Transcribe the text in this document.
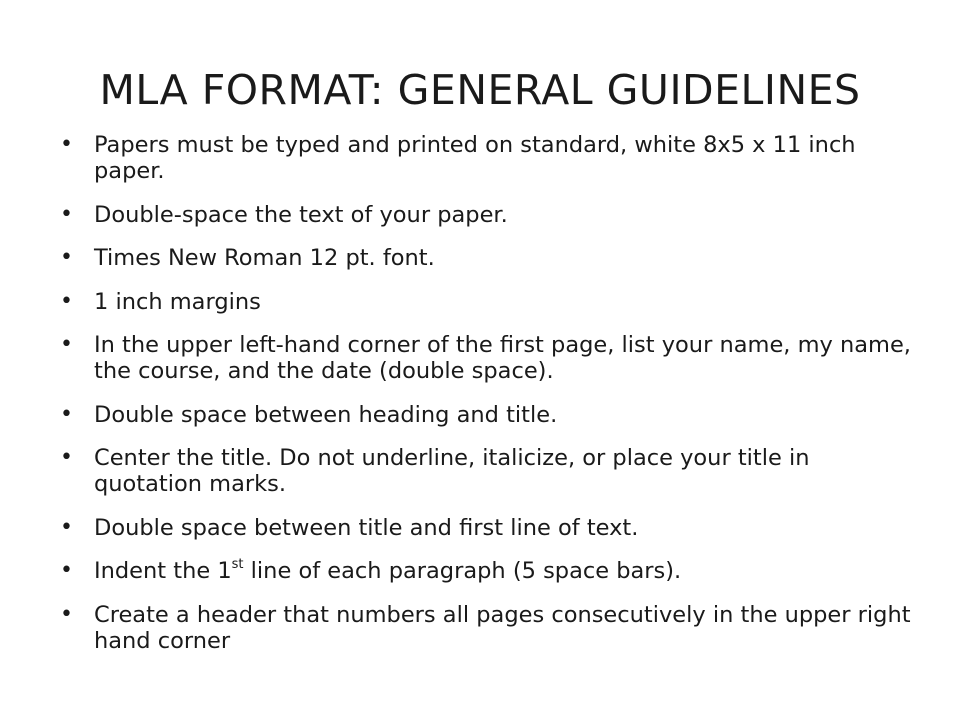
MLA FORMAT: GENERAL GUIDELINES
• Papers must be typed and printed on standard, white 8x5 x 11 inch paper.
• Double-space the text of your paper.
• Times New Roman 12 pt. font.
• 1 inch margins
• In the upper left-hand corner of the first page, list your name, my name, the course, and the date (double space).
• Double space between heading and title.
• Center the title. Do not underline, italicize, or place your title in quotation marks.
• Double space between title and first line of text.
• Indent the 1st line of each paragraph (5 space bars).
• Create a header that numbers all pages consecutively in the upper right hand corner
